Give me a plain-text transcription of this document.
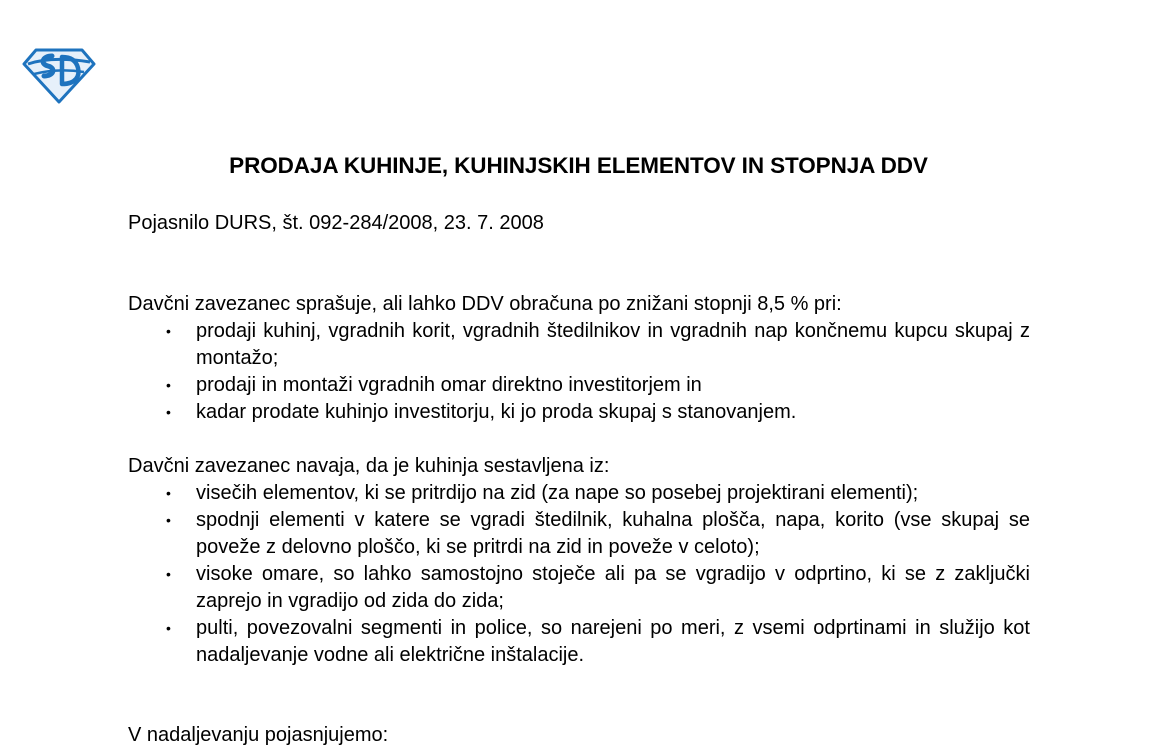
PRODAJA KUHINJE, KUHINJSKIH ELEMENTOV IN STOPNJA DDV

Pojasnilo DURS, št. 092-284/2008, 23. 7. 2008

Davčni zavezanec sprašuje, ali lahko DDV obračuna po znižani stopnji 8,5 % pri:

• prodaji kuhinj, vgradnih korit, vgradnih štedilnikov in vgradnih nap končnemu kupcu skupaj z montažo;
• prodaji in montaži vgradnih omar direktno investitorjem in
• kadar prodate kuhinjo investitorju, ki jo proda skupaj s stanovanjem.

Davčni zavezanec navaja, da je kuhinja sestavljena iz:

• visečih elementov, ki se pritrdijo na zid (za nape so posebej projektirani elementi);
• spodnji elementi v katere se vgradi štedilnik, kuhalna plošča, napa, korito (vse skupaj se poveže z delovno ploščo, ki se pritrdi na zid in poveže v celoto);
• visoke omare, so lahko samostojno stoječe ali pa se vgradijo v odprtino, ki se z zaključki zaprejo in vgradijo od zida do zida;
• pulti, povezovalni segmenti in police, so narejeni po meri, z vsemi odprtinami in služijo kot nadaljevanje vodne ali električne inštalacije.

V nadaljevanju pojasnjujemo:
